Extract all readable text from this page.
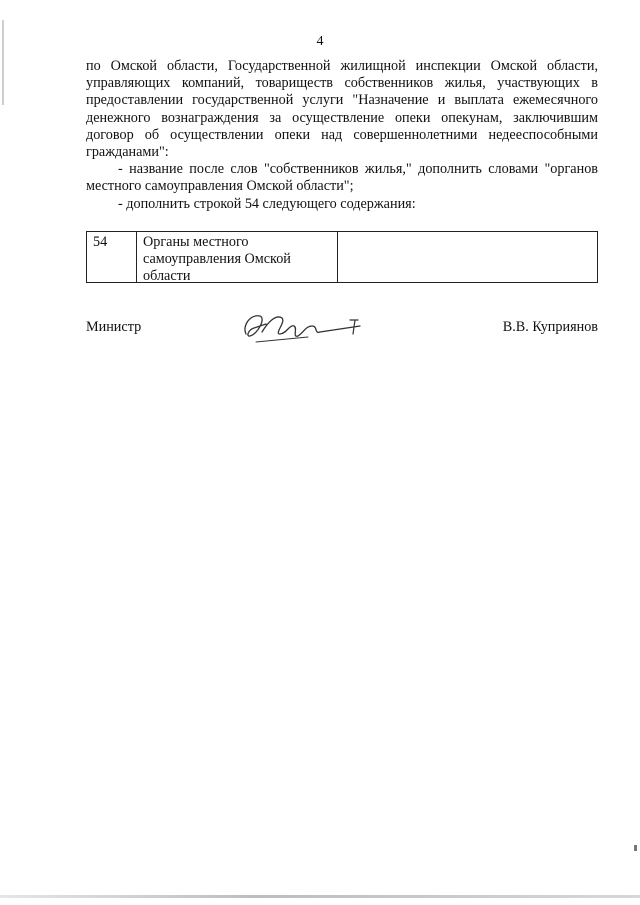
4
по Омской области, Государственной жилищной инспекции Омской области, управляющих компаний, товариществ собственников жилья, участвующих в предоставлении государственной услуги "Назначение и выплата ежемесячного денежного вознаграждения за осуществление опеки опекунам, заключившим договор об осуществлении опеки над совершеннолетними недееспособными гражданами":
- название после слов "собственников жилья," дополнить словами "органов местного самоуправления Омской области";
- дополнить строкой 54 следующего содержания:
54	Органы местного самоуправления Омской области
Министр	В.В. Куприянов
